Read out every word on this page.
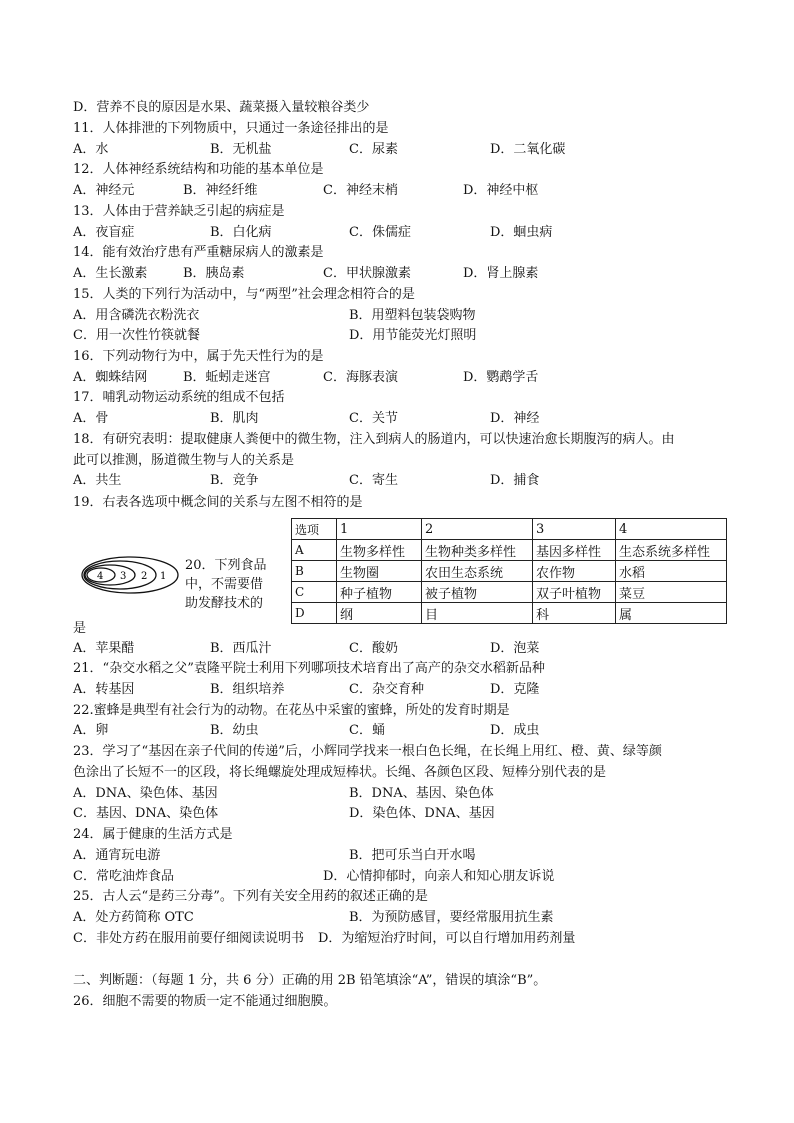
D．营养不良的原因是水果、蔬菜摄入量较粮谷类少
11．人体排泄的下列物质中，只通过一条途径排出的是
A．水	B．无机盐	C．尿素	D．二氧化碳
12．人体神经系统结构和功能的基本单位是
A．神经元	B．神经纤维	C．神经末梢	D．神经中枢
13．人体由于营养缺乏引起的病症是
A．夜盲症	B．白化病	C．侏儒症	D．蛔虫病
14．能有效治疗患有严重糖尿病人的激素是
A．生长激素	B．胰岛素	C．甲状腺激素	D．肾上腺素
15．人类的下列行为活动中，与“两型”社会理念相符合的是
A．用含磷洗衣粉洗衣	B．用塑料包装袋购物
C．用一次性竹筷就餐	D．用节能荧光灯照明
16．下列动物行为中，属于先天性行为的是
A．蜘蛛结网	B．蚯蚓走迷宫	C．海豚表演	D．鹦鹉学舌
17．哺乳动物运动系统的组成不包括
A．骨	B．肌肉	C．关节	D．神经
18．有研究表明：提取健康人粪便中的微生物，注入到病人的肠道内，可以快速治愈长期腹泻的病人。由
此可以推测，肠道微生物与人的关系是
A．共生	B．竞争	C．寄生	D．捕食
19．右表各选项中概念间的关系与左图不相符的是
4 3 2 1
20．下列食品中，不需要借助发酵技术的
是
选项	1	2	3	4
A	生物多样性	生物种类多样性	基因多样性	生态系统多样性
B	生物圈	农田生态系统	农作物	水稻
C	种子植物	被子植物	双子叶植物	菜豆
D	纲	目	科	属
A．苹果醋	B．西瓜汁	C．酸奶	D．泡菜
21．“杂交水稻之父”袁隆平院士利用下列哪项技术培育出了高产的杂交水稻新品种
A．转基因	B．组织培养	C．杂交育种	D．克隆
22.蜜蜂是典型有社会行为的动物。在花丛中采蜜的蜜蜂，所处的发育时期是
A．卵	B．幼虫	C．蛹	D．成虫
23．学习了“基因在亲子代间的传递”后，小辉同学找来一根白色长绳，在长绳上用红、橙、黄、绿等颜
色涂出了长短不一的区段，将长绳螺旋处理成短棒状。长绳、各颜色区段、短棒分别代表的是
A．DNA、染色体、基因	B．DNA、基因、染色体
C．基因、DNA、染色体	D．染色体、DNA、基因
24．属于健康的生活方式是
A．通宵玩电游	B．把可乐当白开水喝
C．常吃油炸食品	D．心情抑郁时，向亲人和知心朋友诉说
25．古人云“是药三分毒”。下列有关安全用药的叙述正确的是
A．处方药简称 OTC	B．为预防感冒，要经常服用抗生素
C．非处方药在服用前要仔细阅读说明书 D．为缩短治疗时间，可以自行增加用药剂量
二、判断题：（每题 1 分，共 6 分）正确的用 2B 铅笔填涂“A”，错误的填涂“B”。
26．细胞不需要的物质一定不能通过细胞膜。
